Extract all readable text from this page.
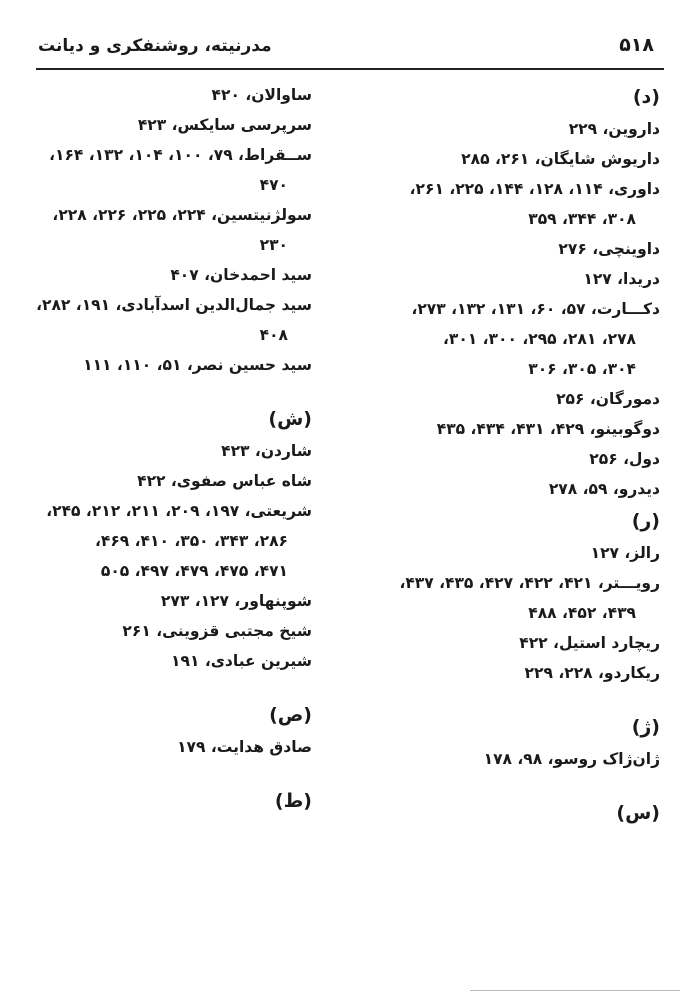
۵۱۸
مدرنیته، روشنفکری و دیانت
(د)
داروین، ۲۲۹
داریوش شایگان، ۲۶۱، ۲۸۵
داوری، ۱۱۴، ۱۲۸، ۱۴۴، ۲۲۵، ۲۶۱،
۳۰۸، ۳۴۴، ۳۵۹
داوینچی، ۲۷۶
دریدا، ۱۲۷
دکـــارت، ۵۷، ۶۰، ۱۳۱، ۱۳۲، ۲۷۳،
۲۷۸، ۲۸۱، ۲۹۵، ۳۰۰، ۳۰۱،
۳۰۴، ۳۰۵، ۳۰۶
دمورگان، ۲۵۶
دوگوبینو، ۴۲۹، ۴۳۱، ۴۳۴، ۴۳۵
دول، ۲۵۶
دیدرو، ۵۹، ۲۷۸
(ر)
رالز، ۱۲۷
رویـــتر، ۴۲۱، ۴۲۲، ۴۲۷، ۴۳۵، ۴۳۷،
۴۳۹، ۴۵۲، ۴۸۸
ریچارد استیل، ۴۲۲
ریکاردو، ۲۲۸، ۲۲۹
(ژ)
ژان‌ژاک روسو، ۹۸، ۱۷۸
(س)
ساوالان، ۴۲۰
سرپرسی سایکس، ۴۲۳
ســقراط، ۷۹، ۱۰۰، ۱۰۴، ۱۳۲، ۱۶۴،
۴۷۰
سولژنیتسین، ۲۲۴، ۲۲۵، ۲۲۶، ۲۲۸،
۲۳۰
سید احمدخان، ۴۰۷
سید جمال‌الدین اسدآبادی، ۱۹۱، ۲۸۲،
۴۰۸
سید حسین نصر، ۵۱، ۱۱۰، ۱۱۱
(ش)
شاردن، ۴۲۳
شاه عباس صفوی، ۴۲۲
شریعتی، ۱۹۷، ۲۰۹، ۲۱۱، ۲۱۲، ۲۴۵،
۲۸۶، ۳۴۳، ۳۵۰، ۴۱۰، ۴۶۹،
۴۷۱، ۴۷۵، ۴۷۹، ۴۹۷، ۵۰۵
شوپنهاور، ۱۲۷، ۲۷۳
شیخ مجتبی قزوینی، ۲۶۱
شیرین عبادی، ۱۹۱
(ص)
صادق هدایت، ۱۷۹
(ط)
